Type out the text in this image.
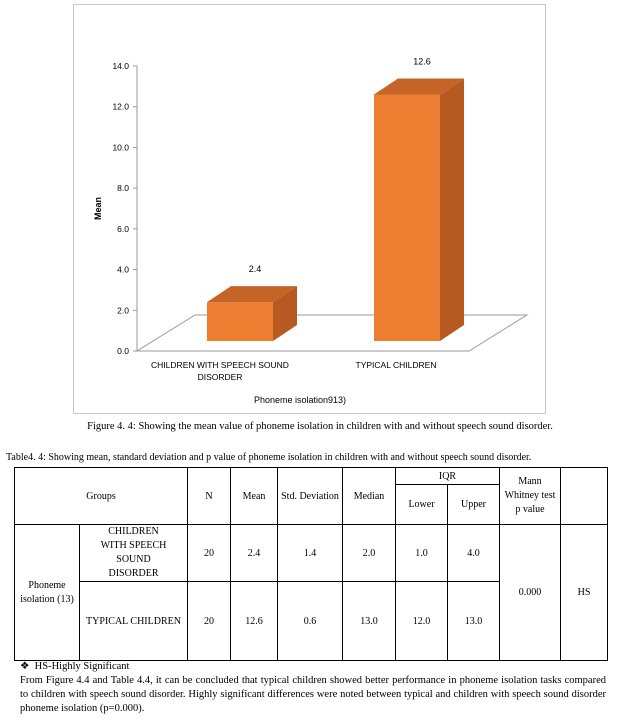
0.0
2.0
4.0
6.0
8.0
10.0
12.0
14.0
Mean
2.4
12.6
CHILDREN WITH SPEECH SOUND
DISORDER
TYPICAL CHILDREN
Phoneme isolation913)
Figure 4. 4: Showing the mean value of phoneme isolation in children with and without speech sound disorder.
Table4. 4: Showing mean, standard deviation and p value of phoneme isolation in children with and without speech sound disorder.
Groups		N	Mean	Std. Deviation	Median	IQR		Mann Whitney test p value	
						Lower	Upper		
Phoneme isolation (13)	CHILDREN WITH SPEECH SOUND DISORDER	20	2.4	1.4	2.0	1.0	4.0	0.000	HS
	TYPICAL CHILDREN	20	12.6	0.6	13.0	12.0	13.0		
❖ HS-Highly Significant
From Figure 4.4 and Table 4.4, it can be concluded that typical children showed better performance in phoneme isolation tasks compared to children with speech sound disorder. Highly significant differences were noted between typical and children with speech sound disorder phoneme isolation (p=0.000).
